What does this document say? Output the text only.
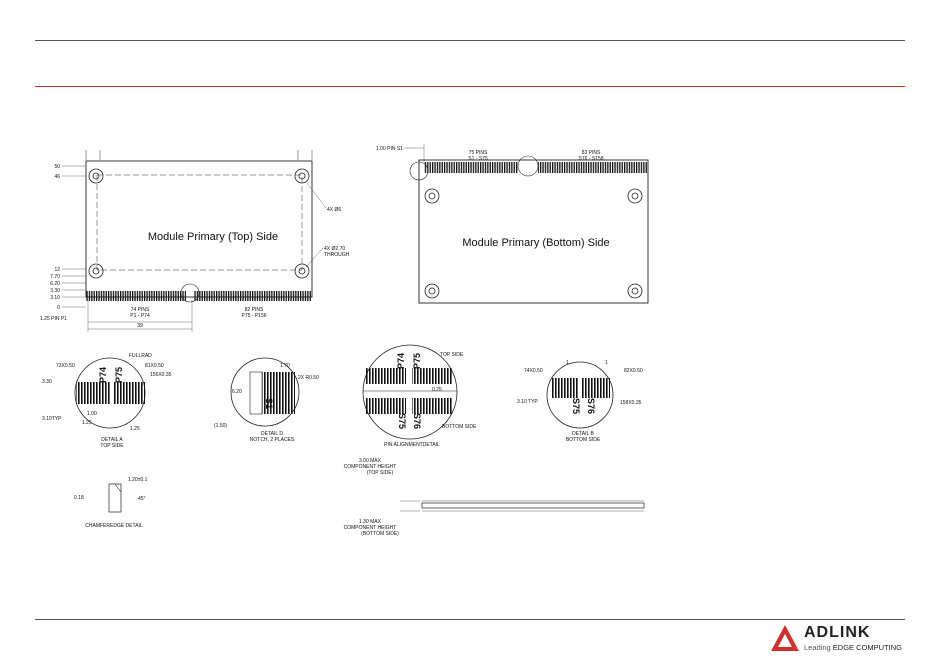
Module Primary (Top) Side
50
46
12
7.70
6.20
3.30
3.10
0
4X Ø6
4X Ø2.70
THROUGH
1.25 PIN P1
74 PINS
P1 - P74
82 PINS
P75 - P156
39
Module Primary (Bottom) Side
1.00 PIN S1
75 PINS
S1 - S75
83 PINS
S76 - S158
P74 P75
73X0.50
FULLRAD
81X0.50
156X0.35
3.30
3.10TYP
1.00
1.25
1.25
DETAIL A
TOP SIDE
S1
1.70
2X R0.50
6.20
(1.50)
DETAIL D
NOTCH, 2 PLACES
P74 P75
S75 S76
TOP SIDE
0.25
BOTTOM SIDE
PIN ALIGNMENTDETAIL
S75 S76
74X0.50
1	1
82X0.50
3.10 TYP	158X0.35
DETAIL B
BOTTOM SIDE
1.20±0.1
0.18	45°
CHAMFEREDGE DETAIL
3.00 MAX
COMPONENT HEIGHT
(TOP SIDE)
1.30 MAX
COMPONENT HEIGHT
(BOTTOM SIDE)
ADLINK
Leading EDGE COMPUTING
